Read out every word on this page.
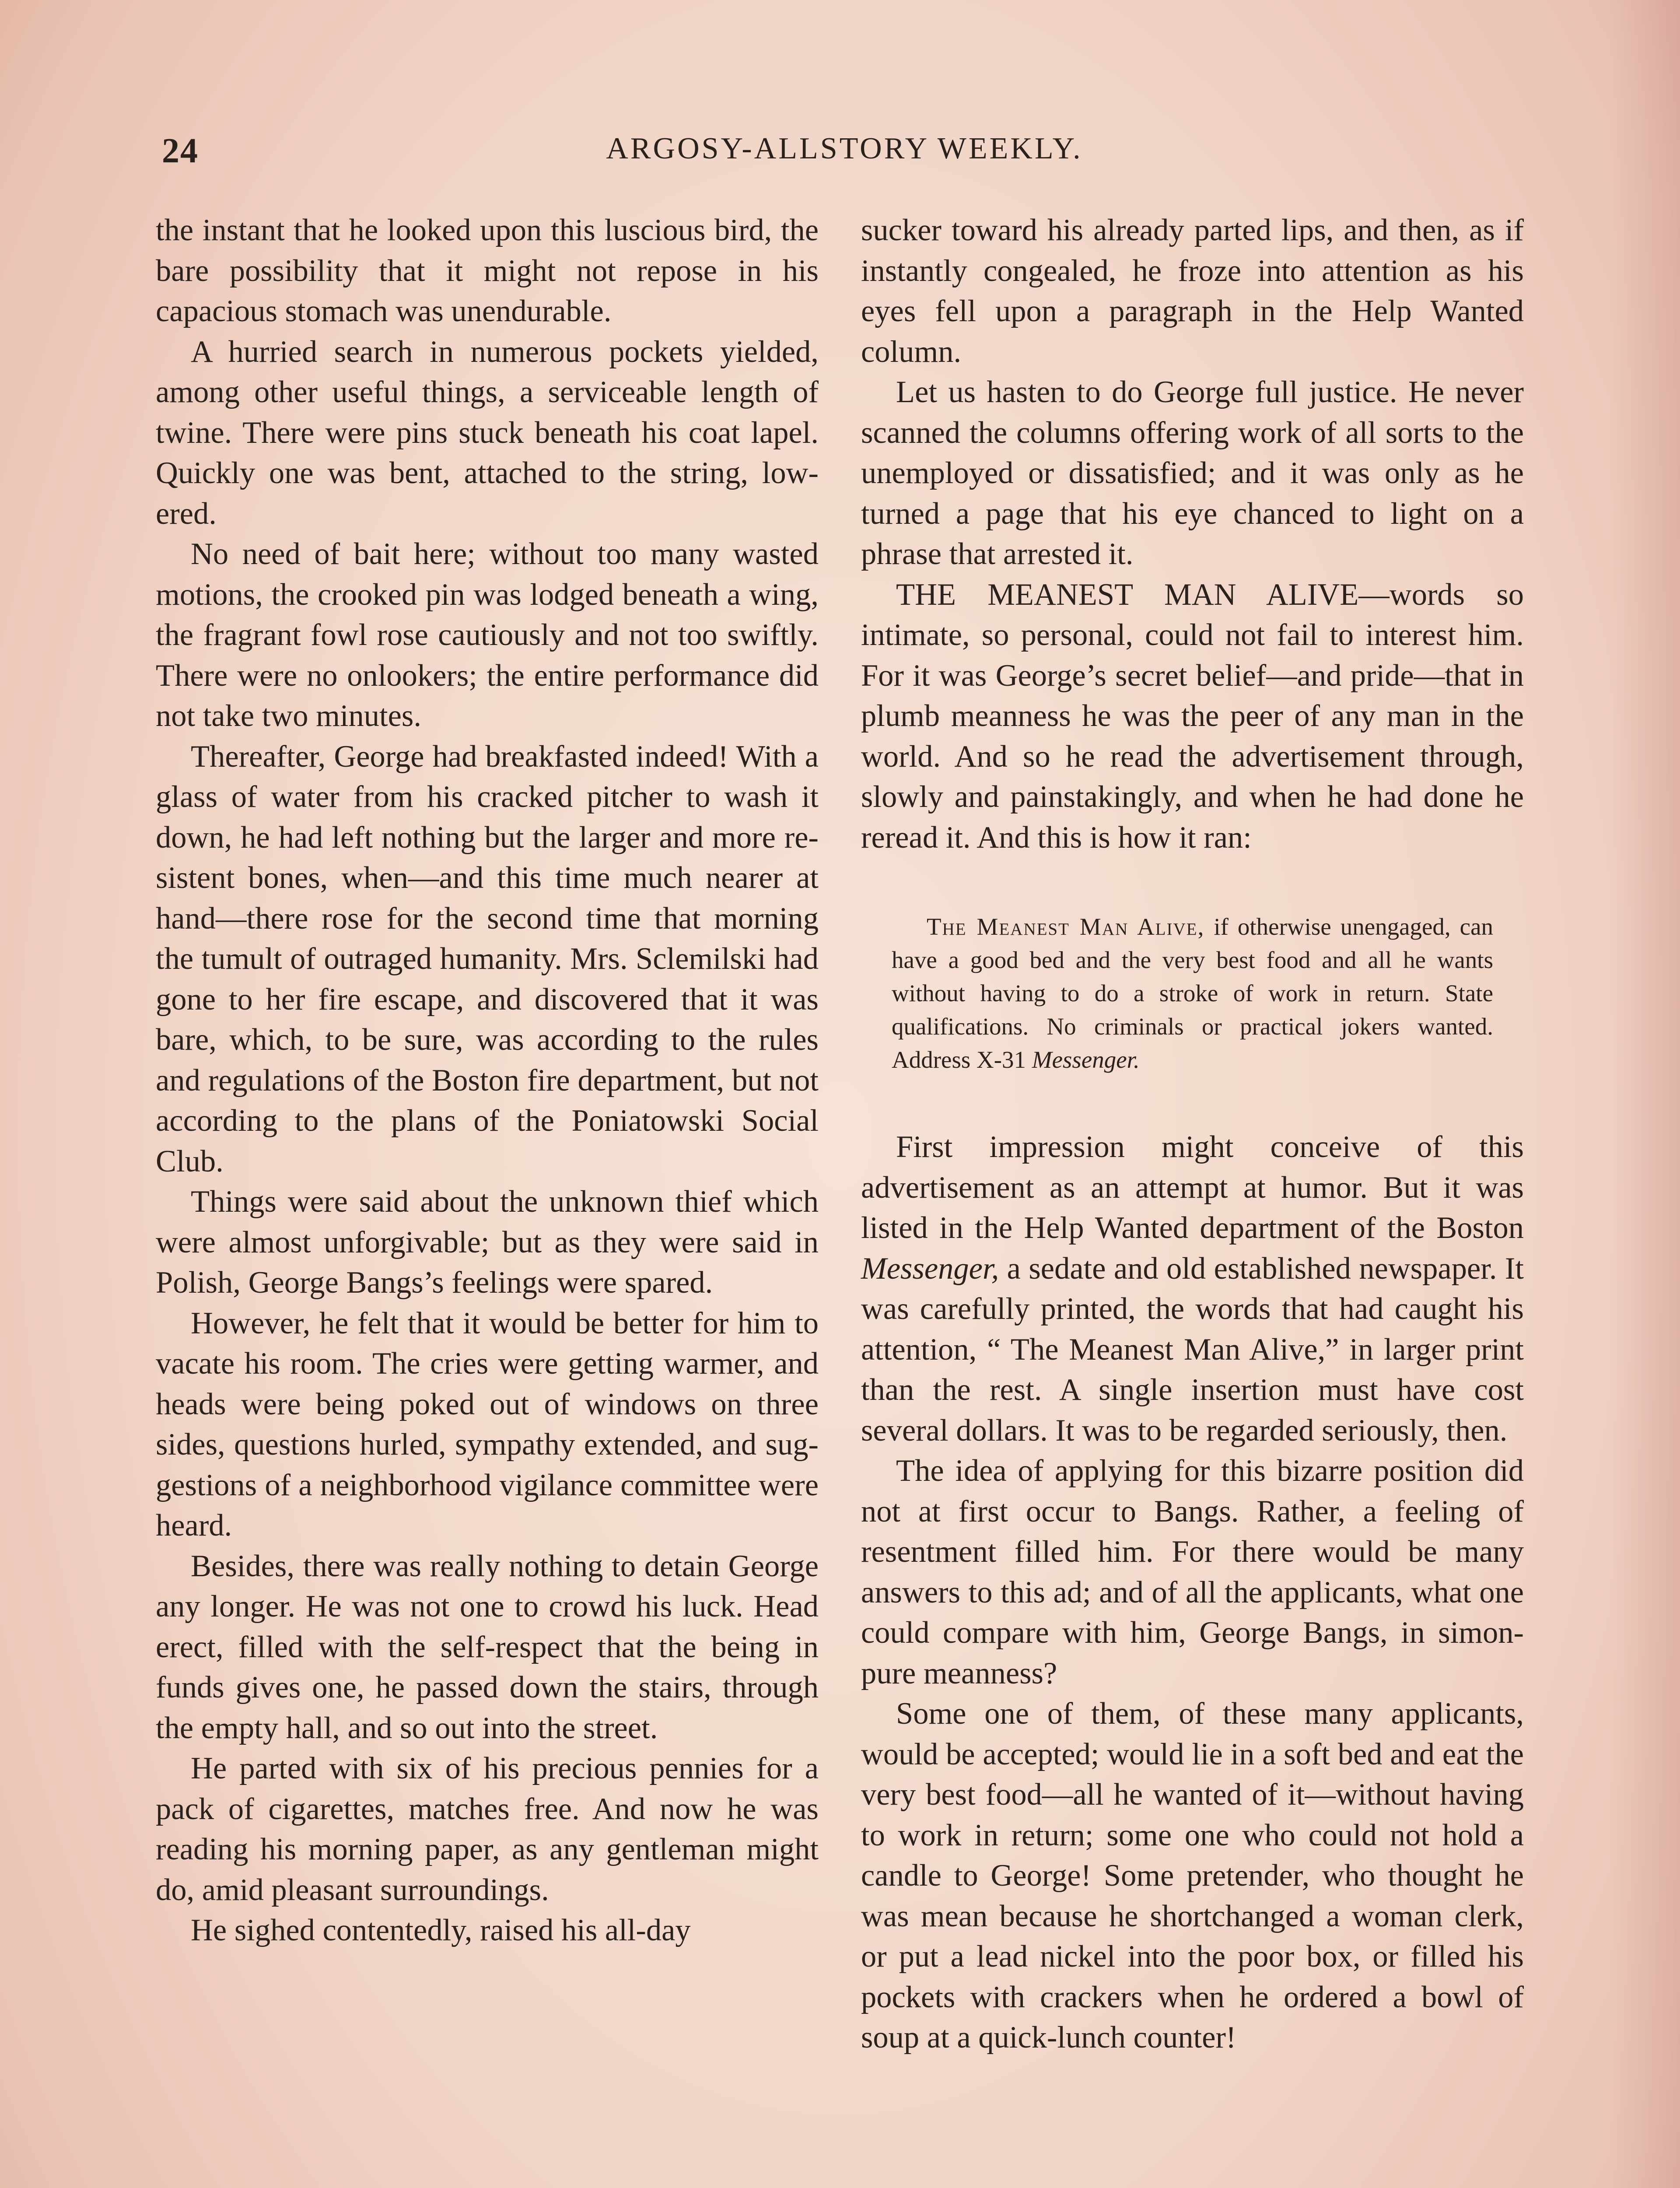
24	ARGOSY-ALLSTORY WEEKLY.

the instant that he looked upon this luscious bird, the bare possibility that it might not repose in his capacious stomach was unendurable.

A hurried search in numerous pockets yielded, among other useful things, a serviceable length of twine. There were pins stuck beneath his coat lapel. Quickly one was bent, attached to the string, lowered.

No need of bait here; without too many wasted motions, the crooked pin was lodged beneath a wing, the fragrant fowl rose cautiously and not too swiftly. There were no onlookers; the entire performance did not take two minutes.

Thereafter, George had breakfasted indeed! With a glass of water from his cracked pitcher to wash it down, he had left nothing but the larger and more resistent bones, when—and this time much nearer at hand—there rose for the second time that morning the tumult of outraged humanity. Mrs. Sclemilski had gone to her fire escape, and discovered that it was bare, which, to be sure, was according to the rules and regulations of the Boston fire department, but not according to the plans of the Poniatowski Social Club.

Things were said about the unknown thief which were almost unforgivable; but as they were said in Polish, George Bangs’s feelings were spared.

However, he felt that it would be better for him to vacate his room. The cries were getting warmer, and heads were being poked out of windows on three sides, questions hurled, sympathy extended, and suggestions of a neighborhood vigilance committee were heard.

Besides, there was really nothing to detain George any longer. He was not one to crowd his luck. Head erect, filled with the self-respect that the being in funds gives one, he passed down the stairs, through the empty hall, and so out into the street.

He parted with six of his precious pennies for a pack of cigarettes, matches free. And now he was reading his morning paper, as any gentleman might do, amid pleasant surroundings.

He sighed contentedly, raised his all-day

sucker toward his already parted lips, and then, as if instantly congealed, he froze into attention as his eyes fell upon a paragraph in the Help Wanted column.

Let us hasten to do George full justice. He never scanned the columns offering work of all sorts to the unemployed or dissatisfied; and it was only as he turned a page that his eye chanced to light on a phrase that arrested it.

THE MEANEST MAN ALIVE—words so intimate, so personal, could not fail to interest him. For it was George’s secret belief—and pride—that in plumb meanness he was the peer of any man in the world. And so he read the advertisement through, slowly and painstakingly, and when he had done he reread it. And this is how it ran:

The Meanest Man Alive, if otherwise unengaged, can have a good bed and the very best food and all he wants without having to do a stroke of work in return. State qualifications. No criminals or practical jokers wanted. Address X-31 Messenger.

First impression might conceive of this advertisement as an attempt at humor. But it was listed in the Help Wanted department of the Boston Messenger, a sedate and old established newspaper. It was carefully printed, the words that had caught his attention, “ The Meanest Man Alive,” in larger print than the rest. A single insertion must have cost several dollars. It was to be regarded seriously, then.

The idea of applying for this bizarre position did not at first occur to Bangs. Rather, a feeling of resentment filled him. For there would be many answers to this ad; and of all the applicants, what one could compare with him, George Bangs, in simon-pure meanness?

Some one of them, of these many applicants, would be accepted; would lie in a soft bed and eat the very best food—all he wanted of it—without having to work in return; some one who could not hold a candle to George! Some pretender, who thought he was mean because he shortchanged a woman clerk, or put a lead nickel into the poor box, or filled his pockets with crackers when he ordered a bowl of soup at a quick-lunch counter!
